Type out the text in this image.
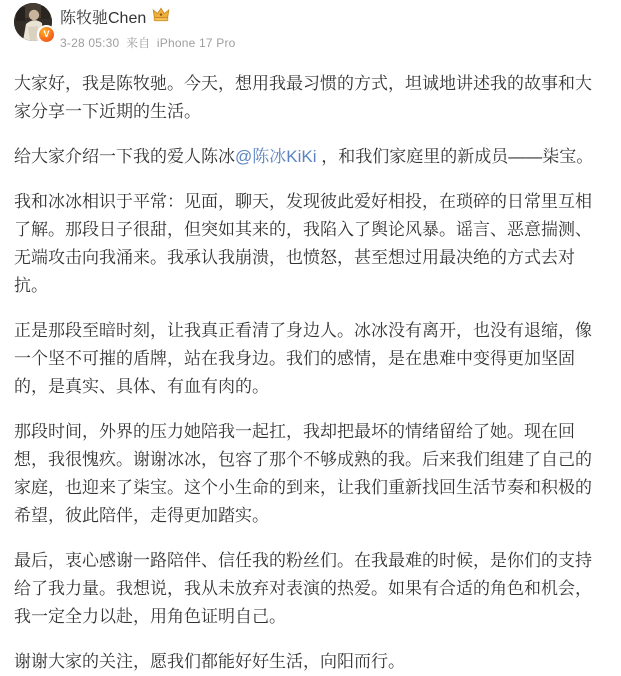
V
陈牧驰Chen
3-28 05:30 来自 iPhone 17 Pro

大家好，我是陈牧驰。今天，想用我最习惯的方式，坦诚地讲述我的故事和大家分享一下近期的生活。

给大家介绍一下我的爱人陈冰@陈冰KiKi ，和我们家庭里的新成员——柒宝。

我和冰冰相识于平常：见面，聊天，发现彼此爱好相投，在琐碎的日常里互相了解。那段日子很甜，但突如其来的，我陷入了舆论风暴。谣言、恶意揣测、无端攻击向我涌来。我承认我崩溃，也愤怒，甚至想过用最决绝的方式去对抗。

正是那段至暗时刻，让我真正看清了身边人。冰冰没有离开，也没有退缩，像一个坚不可摧的盾牌，站在我身边。我们的感情，是在患难中变得更加坚固的，是真实、具体、有血有肉的。

那段时间，外界的压力她陪我一起扛，我却把最坏的情绪留给了她。现在回想，我很愧疚。谢谢冰冰，包容了那个不够成熟的我。后来我们组建了自己的家庭，也迎来了柒宝。这个小生命的到来，让我们重新找回生活节奏和积极的希望，彼此陪伴，走得更加踏实。

最后，衷心感谢一路陪伴、信任我的粉丝们。在我最难的时候，是你们的支持给了我力量。我想说，我从未放弃对表演的热爱。如果有合适的角色和机会，我一定全力以赴，用角色证明自己。

谢谢大家的关注，愿我们都能好好生活，向阳而行。
